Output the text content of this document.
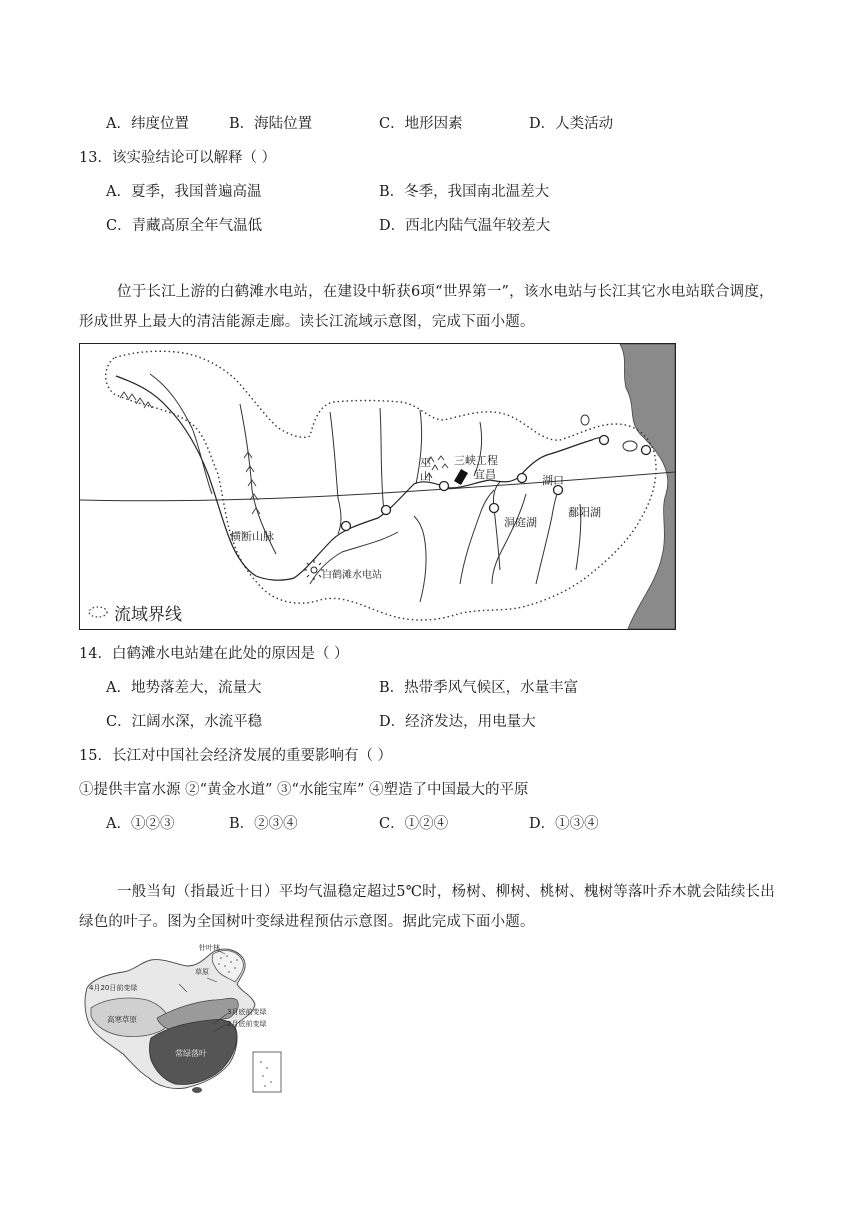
A．纬度位置	B．海陆位置	C．地形因素	D．人类活动
13．该实验结论可以解释（ ）
A．夏季，我国普遍高温	B．冬季，我国南北温差大
C．青藏高原全年气温低	D．西北内陆气温年较差大
位于长江上游的白鹤滩水电站，在建设中斩获6项“世界第一”，该水电站与长江其它水电站联合调度，形成世界上最大的清洁能源走廊。读长江流域示意图，完成下面小题。
横断山脉
巫
山
三峡工程
宜昌	湖口
洞庭湖
鄱阳湖
白鹤滩水电站
流域界线
14．白鹤滩水电站建在此处的原因是（ ）
A．地势落差大，流量大	B．热带季风气候区，水量丰富
C．江阔水深，水流平稳	D．经济发达，用电量大
15．长江对中国社会经济发展的重要影响有（ ）
①提供丰富水源 ②“黄金水道” ③“水能宝库” ④塑造了中国最大的平原
A．①②③	B．②③④	C．①②④	D．①③④
一般当旬（指最近十日）平均气温稳定超过5℃时，杨树、柳树、桃树、槐树等落叶乔木就会陆续长出绿色的叶子。图为全国树叶变绿进程预估示意图。据此完成下面小题。
针叶林
草原
4月20日前变绿
高寒草原
3月底前变绿
2月底前变绿
常绿落叶
